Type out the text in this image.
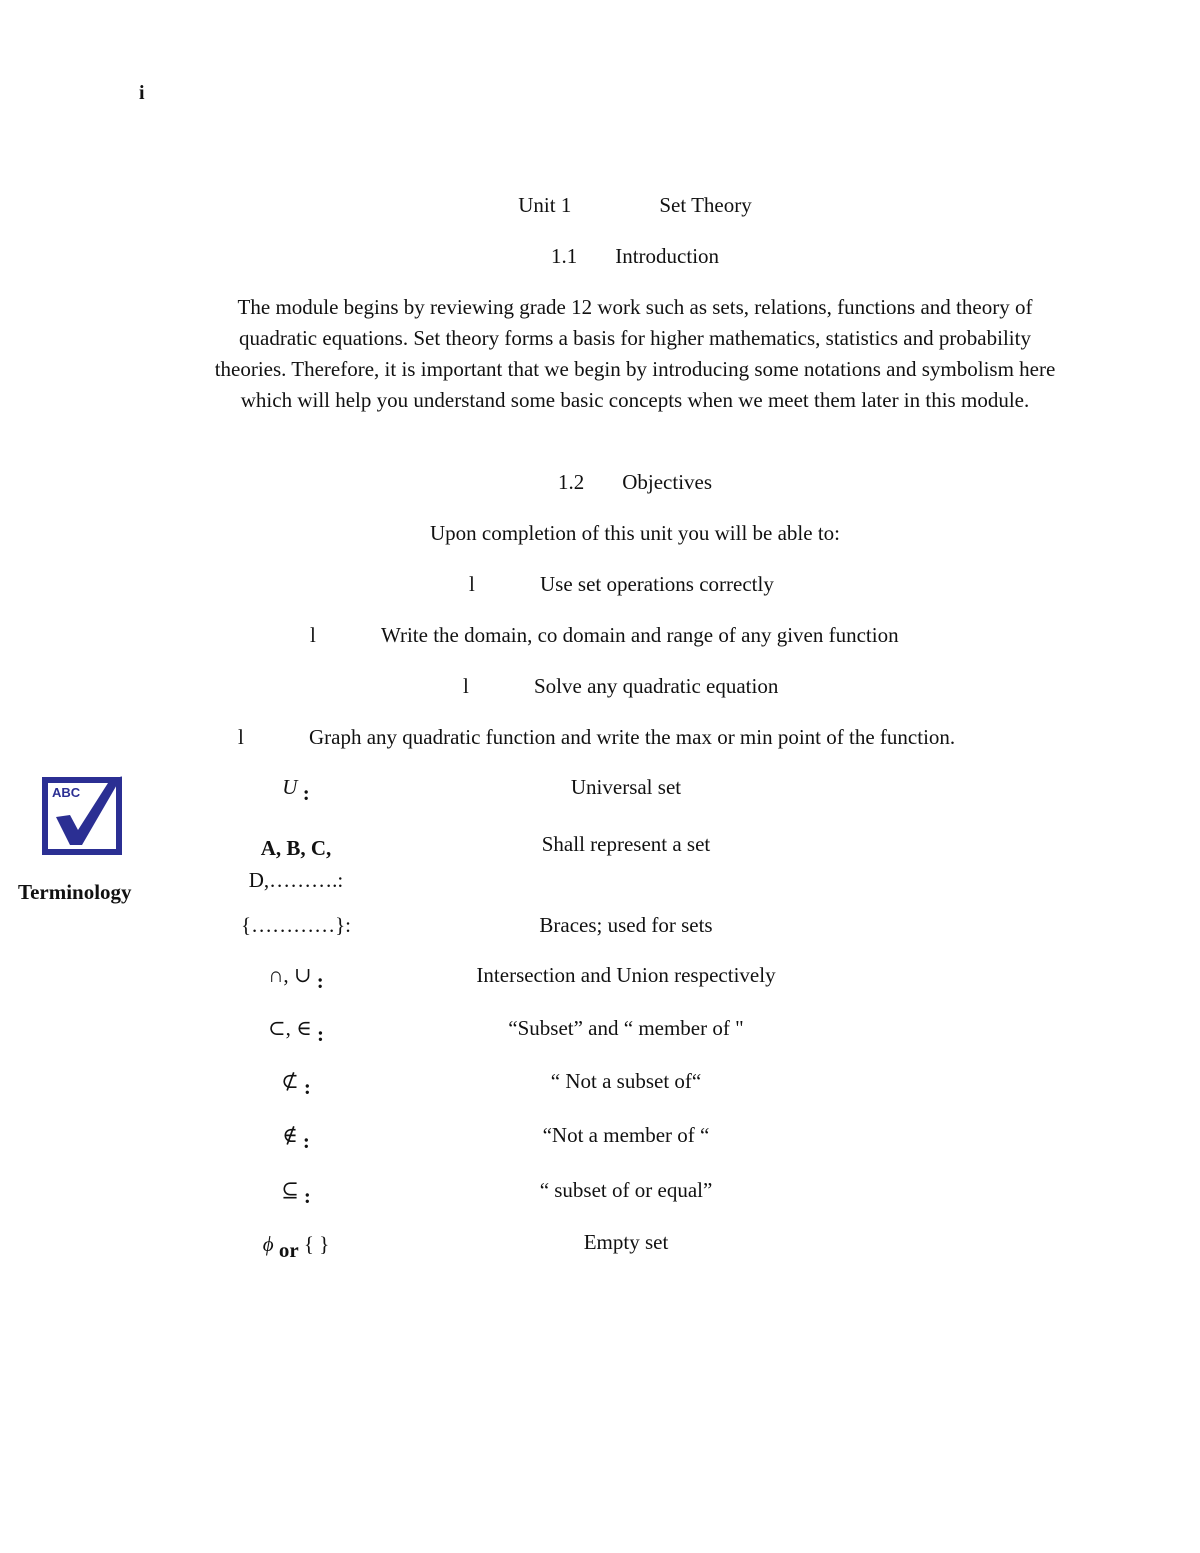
i
Unit 1	Set Theory
1.1 Introduction
The module begins by reviewing grade 12 work such as sets, relations, functions and theory of quadratic equations. Set theory forms a basis for higher mathematics, statistics and probability theories. Therefore, it is important that we begin by introducing some notations and symbolism here which will help you understand some basic concepts when we meet them later in this module.
1.2 Objectives
Upon completion of this unit you will be able to:
l	Use set operations correctly
l	Write the domain, co domain and range of any given function
l	Solve any quadratic equation
l	Graph any quadratic function and write the max or min point of the function.
ABC
Terminology
U :	Universal set
A, B, C,
D,……….:
Shall represent a set
{…………}:	Braces; used for sets
∩, ∪ :	Intersection and Union respectively
⊂, ∈ :	“Subset” and “ member of "
⊄ :	“ Not a subset of“
∉ :	“Not a member of “
⊆ :	“ subset of or equal”
ϕ or { }	Empty set
